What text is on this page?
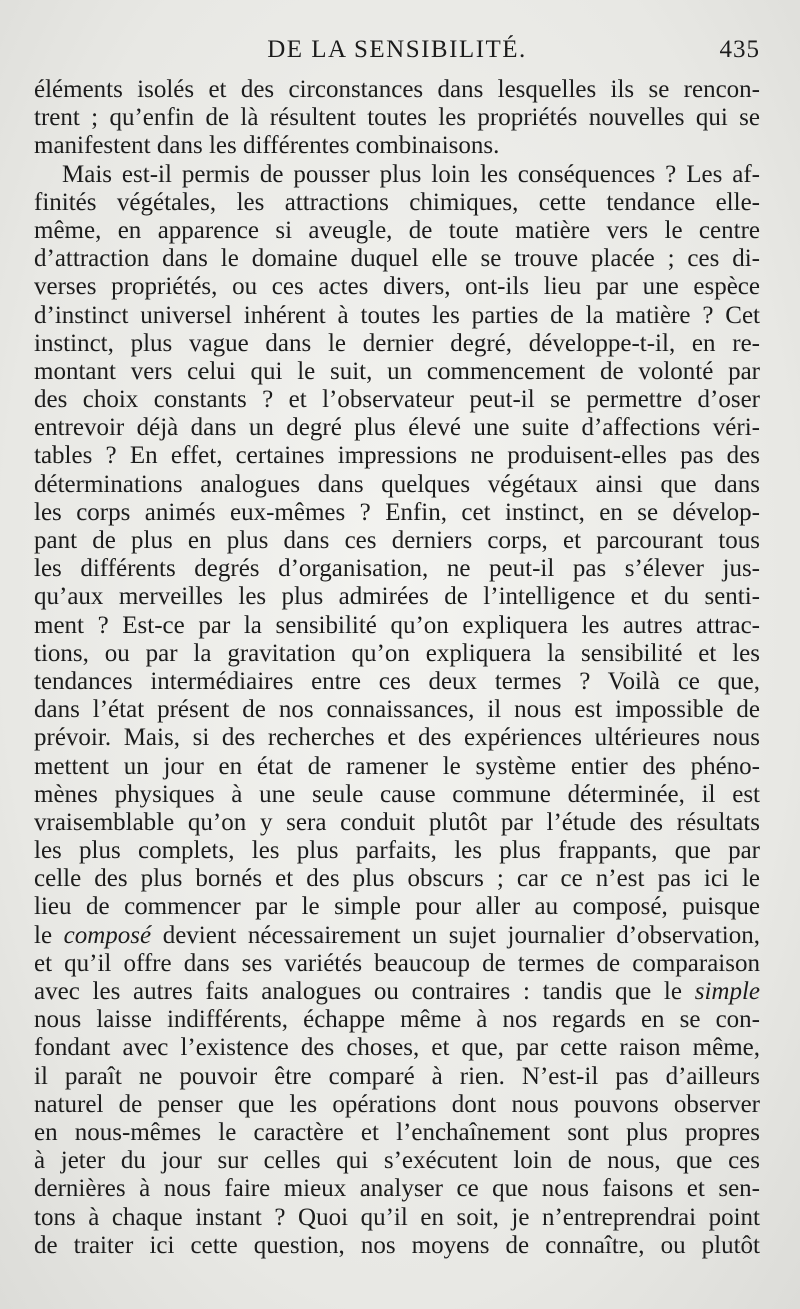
DE LA SENSIBILITÉ.	435
éléments isolés et des circonstances dans lesquelles ils se rencon-
trent ; qu’enfin de là résultent toutes les propriétés nouvelles qui se
manifestent dans les différentes combinaisons.
Mais est-il permis de pousser plus loin les conséquences ? Les af-
finités végétales, les attractions chimiques, cette tendance elle-
même, en apparence si aveugle, de toute matière vers le centre
d’attraction dans le domaine duquel elle se trouve placée ; ces di-
verses propriétés, ou ces actes divers, ont-ils lieu par une espèce
d’instinct universel inhérent à toutes les parties de la matière ? Cet
instinct, plus vague dans le dernier degré, développe-t-il, en re-
montant vers celui qui le suit, un commencement de volonté par
des choix constants ? et l’observateur peut-il se permettre d’oser
entrevoir déjà dans un degré plus élevé une suite d’affections véri-
tables ? En effet, certaines impressions ne produisent-elles pas des
déterminations analogues dans quelques végétaux ainsi que dans
les corps animés eux-mêmes ? Enfin, cet instinct, en se dévelop-
pant de plus en plus dans ces derniers corps, et parcourant tous
les différents degrés d’organisation, ne peut-il pas s’élever jus-
qu’aux merveilles les plus admirées de l’intelligence et du senti-
ment ? Est-ce par la sensibilité qu’on expliquera les autres attrac-
tions, ou par la gravitation qu’on expliquera la sensibilité et les
tendances intermédiaires entre ces deux termes ? Voilà ce que,
dans l’état présent de nos connaissances, il nous est impossible de
prévoir. Mais, si des recherches et des expériences ultérieures nous
mettent un jour en état de ramener le système entier des phéno-
mènes physiques à une seule cause commune déterminée, il est
vraisemblable qu’on y sera conduit plutôt par l’étude des résultats
les plus complets, les plus parfaits, les plus frappants, que par
celle des plus bornés et des plus obscurs ; car ce n’est pas ici le
lieu de commencer par le simple pour aller au composé, puisque
le composé devient nécessairement un sujet journalier d’observation,
et qu’il offre dans ses variétés beaucoup de termes de comparaison
avec les autres faits analogues ou contraires : tandis que le simple
nous laisse indifférents, échappe même à nos regards en se con-
fondant avec l’existence des choses, et que, par cette raison même,
il paraît ne pouvoir être comparé à rien. N’est-il pas d’ailleurs
naturel de penser que les opérations dont nous pouvons observer
en nous-mêmes le caractère et l’enchaînement sont plus propres
à jeter du jour sur celles qui s’exécutent loin de nous, que ces
dernières à nous faire mieux analyser ce que nous faisons et sen-
tons à chaque instant ? Quoi qu’il en soit, je n’entreprendrai point
de traiter ici cette question, nos moyens de connaître, ou plutôt
